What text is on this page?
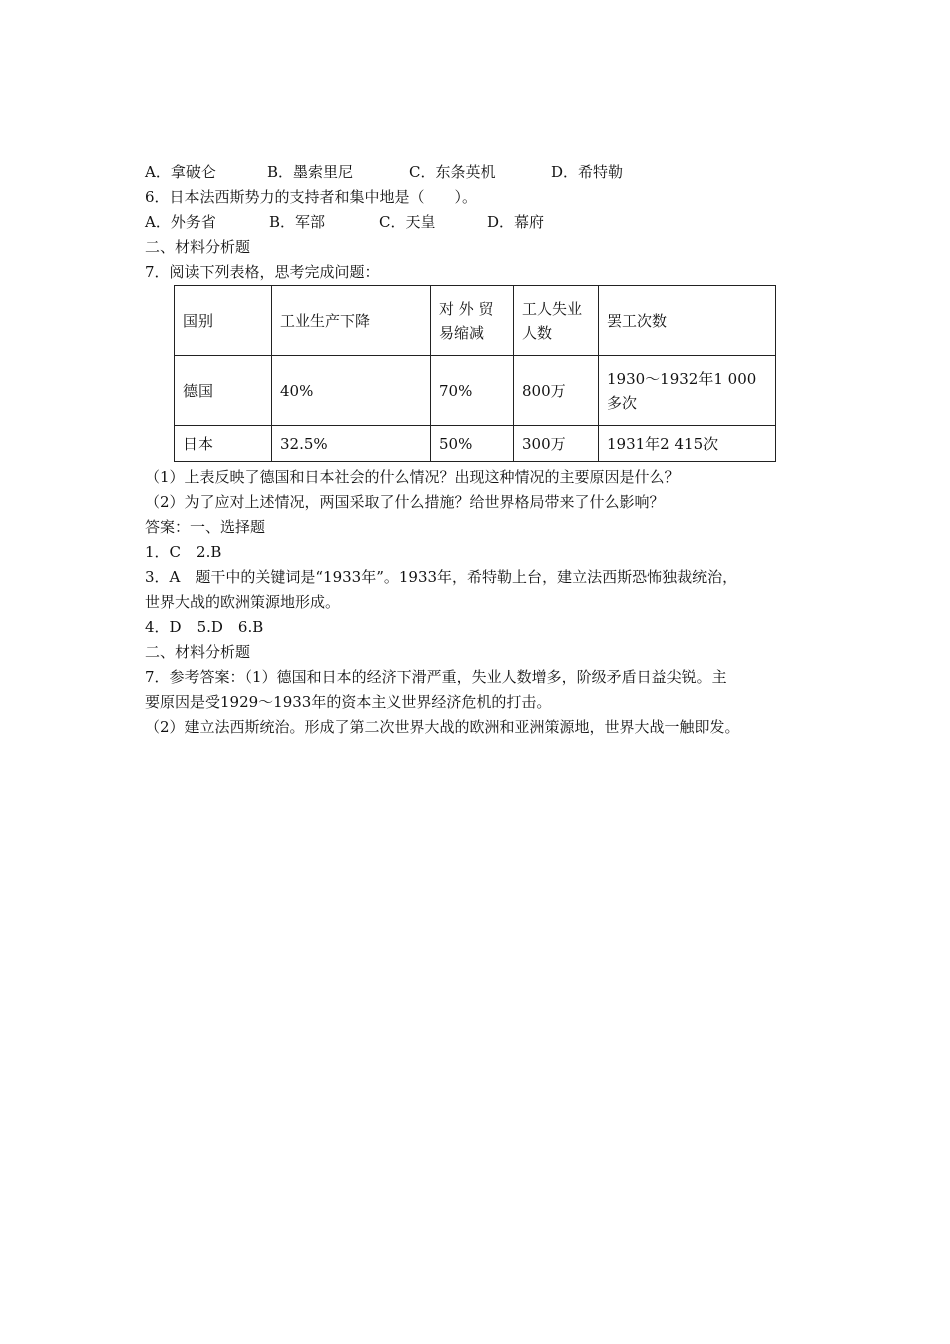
A．拿破仑	B．墨索里尼	C．东条英机	D．希特勒
6．日本法西斯势力的支持者和集中地是（　　）。
A．外务省	B．军部	C．天皇	D．幕府
二、材料分析题
7．阅读下列表格，思考完成问题：
国别	工业生产下降	对 外 贸 易缩减	工人失业人数	罢工次数
德国	40%	70%	800万	1930～1932年1 000多次
日本	32.5%	50%	300万	1931年2 415次
（1）上表反映了德国和日本社会的什么情况？出现这种情况的主要原因是什么？
（2）为了应对上述情况，两国采取了什么措施？给世界格局带来了什么影响？
答案：一、选择题
1．C　2.B
3．A　题干中的关键词是“1933年”。1933年，希特勒上台，建立法西斯恐怖独裁统治，
世界大战的欧洲策源地形成。
4．D　5.D　6.B
二、材料分析题
7．参考答案：（1）德国和日本的经济下滑严重，失业人数增多，阶级矛盾日益尖锐。主
要原因是受1929～1933年的资本主义世界经济危机的打击。
（2）建立法西斯统治。形成了第二次世界大战的欧洲和亚洲策源地，世界大战一触即发。
